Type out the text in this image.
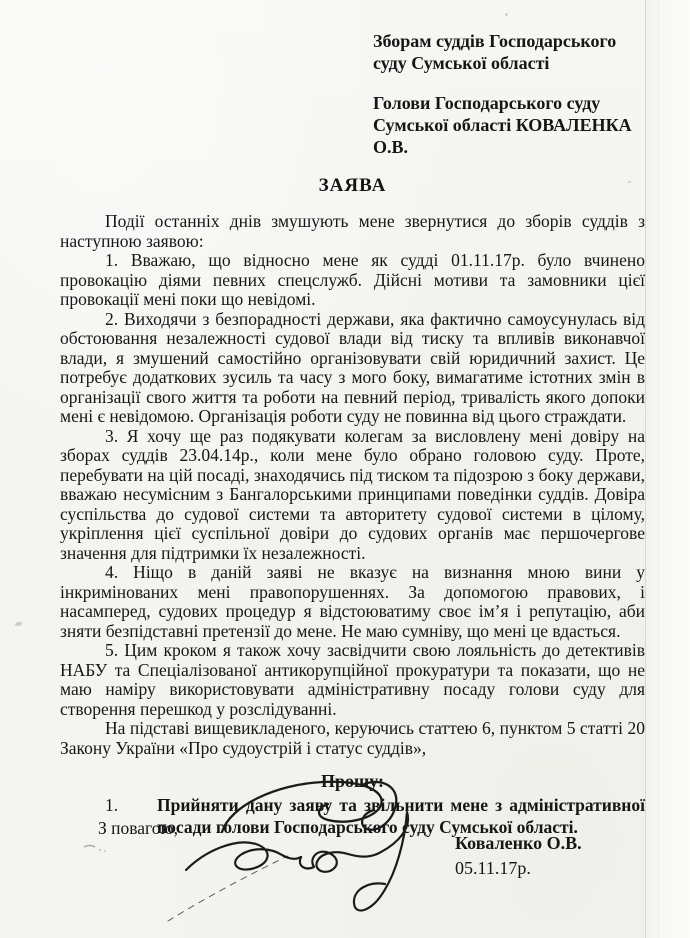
Зборам суддів Господарського
суду Сумської області
Голови Господарського суду
Сумської області КОВАЛЕНКА
О.В.
ЗАЯВА

Події останніх днів змушують мене звернутися до зборів суддів з наступною заявою:

1. Вважаю, що відносно мене як судді 01.11.17р. було вчинено провокацію діями певних спецслужб. Дійсні мотиви та замовники цієї провокації мені поки що невідомі.

2. Виходячи з безпорадності держави, яка фактично самоусунулась від обстоювання незалежності судової влади від тиску та впливів виконавчої влади, я змушений самостійно організовувати свій юридичний захист. Це потребує додаткових зусиль та часу з мого боку, вимагатиме істотних змін в організації свого життя та роботи на певний період, тривалість якого допоки мені є невідомою. Організація роботи суду не повинна від цього страждати.

3. Я хочу ще раз подякувати колегам за висловлену мені довіру на зборах суддів 23.04.14р., коли мене було обрано головою суду. Проте, перебувати на цій посаді, знаходячись під тиском та підозрою з боку держави, вважаю несумісним з Бангалорськими принципами поведінки суддів. Довіра суспільства до судової системи та авторитету судової системи в цілому, укріплення цієї суспільної довіри до судових органів має першочергове значення для підтримки їх незалежності.

4. Ніщо в даній заяві не вказує на визнання мною вини у інкримінованих мені правопорушеннях. За допомогою правових, і насамперед, судових процедур я відстоюватиму своє ім’я і репутацію, аби зняти безпідставні претензії до мене. Не маю сумніву, що мені це вдасться.

5. Цим кроком я також хочу засвідчити свою лояльність до детективів НАБУ та Спеціалізованої антикорупційної прокуратури та показати, що не маю наміру використовувати адміністративну посаду голови суду для створення перешкод у розслідуванні.

На підставі вищевикладеного, керуючись статтею 6, пунктом 5 статті 20 Закону України «Про судоустрій і статус суддів»,

Прошу:
1.	Прийняти дану заяву та звільнити мене з адміністративної посади голови Господарського суду Сумської області.
З повагою,
Коваленко О.В.
05.11.17р.
